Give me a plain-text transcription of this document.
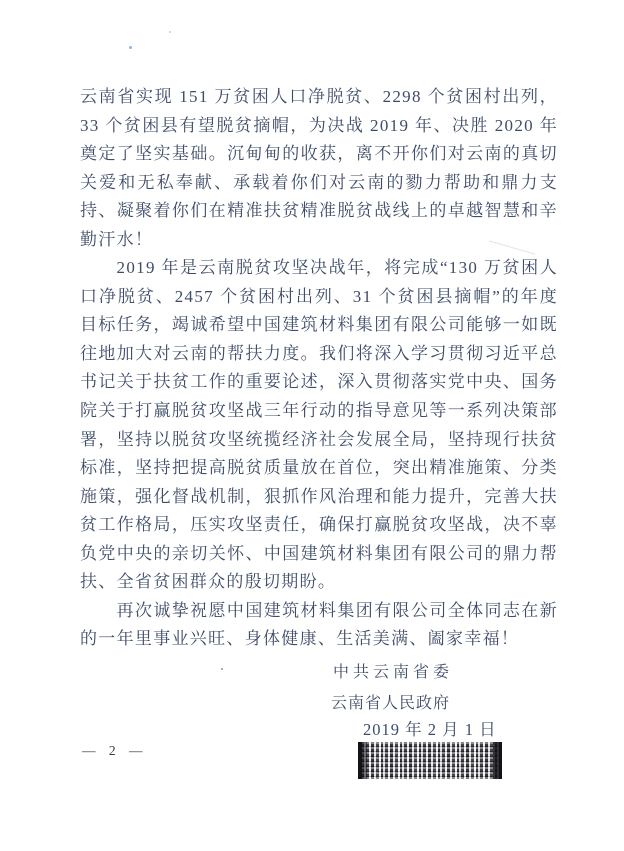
云南省实现 151 万贫困人口净脱贫、2298 个贫困村出列，33 个贫困县有望脱贫摘帽，为决战 2019 年、决胜 2020 年奠定了坚实基础。沉甸甸的收获，离不开你们对云南的真切关爱和无私奉献、承载着你们对云南的勠力帮助和鼎力支持、凝聚着你们在精准扶贫精准脱贫战线上的卓越智慧和辛勤汗水！

2019 年是云南脱贫攻坚决战年，将完成“130 万贫困人口净脱贫、2457 个贫困村出列、31 个贫困县摘帽”的年度目标任务，竭诚希望中国建筑材料集团有限公司能够一如既往地加大对云南的帮扶力度。我们将深入学习贯彻习近平总书记关于扶贫工作的重要论述，深入贯彻落实党中央、国务院关于打赢脱贫攻坚战三年行动的指导意见等一系列决策部署，坚持以脱贫攻坚统揽经济社会发展全局，坚持现行扶贫标准，坚持把提高脱贫质量放在首位，突出精准施策、分类施策，强化督战机制，狠抓作风治理和能力提升，完善大扶贫工作格局，压实攻坚责任，确保打赢脱贫攻坚战，决不辜负党中央的亲切关怀、中国建筑材料集团有限公司的鼎力帮扶、全省贫困群众的殷切期盼。

再次诚挚祝愿中国建筑材料集团有限公司全体同志在新的一年里事业兴旺、身体健康、生活美满、阖家幸福！

中共云南省委
云南省人民政府
2019 年 2 月 1 日
— 2 —
